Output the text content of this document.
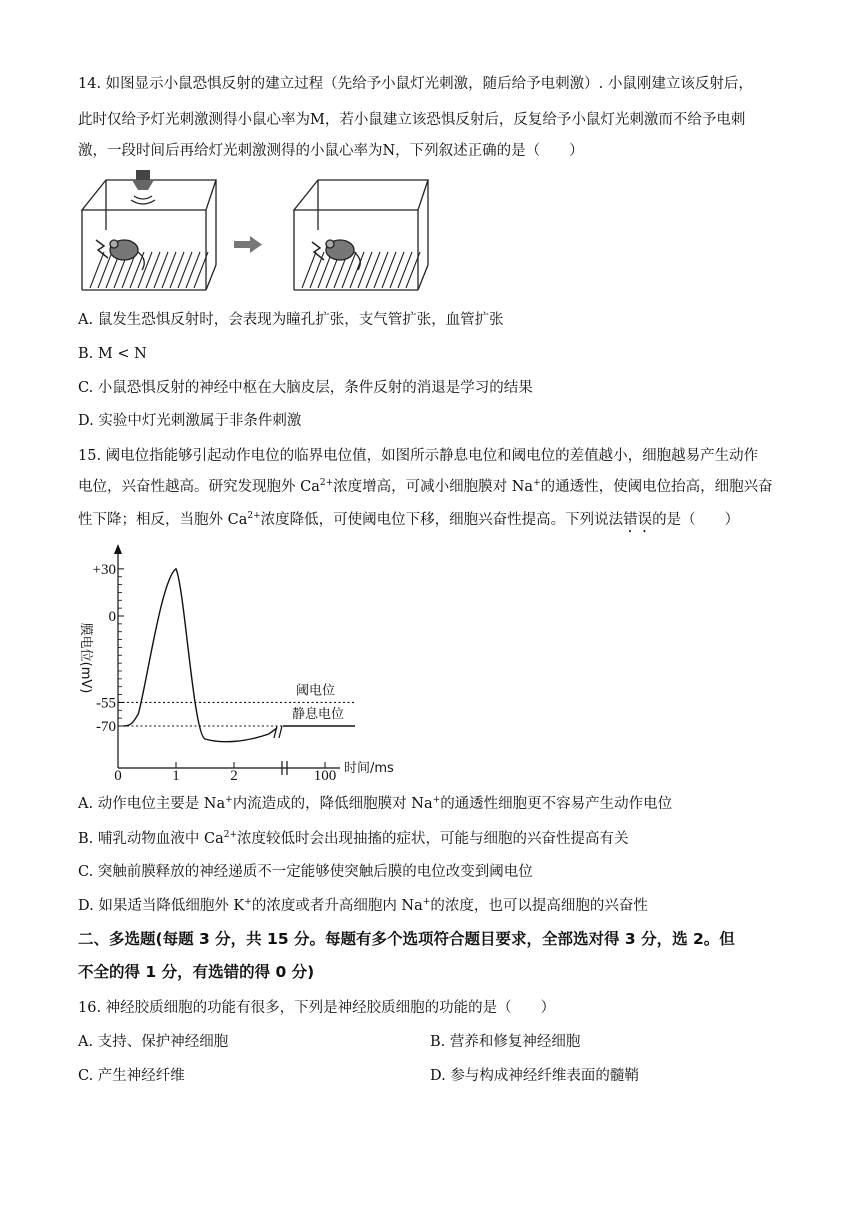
14. 如图显示小鼠恐惧反射的建立过程（先给予小鼠灯光刺激，随后给予电刺激）. 小鼠刚建立该反射后，
此时仅给予灯光刺激测得小鼠心率为M，若小鼠建立该恐惧反射后，反复给予小鼠灯光刺激而不给予电刺
激，一段时间后再给灯光刺激测得的小鼠心率为N，下列叙述正确的是（　　）
A. 鼠发生恐惧反射时，会表现为瞳孔扩张，支气管扩张，血管扩张
B. M < N
C. 小鼠恐惧反射的神经中枢在大脑皮层，条件反射的消退是学习的结果
D. 实验中灯光刺激属于非条件刺激
15. 阈电位指能够引起动作电位的临界电位值，如图所示静息电位和阈电位的差值越小，细胞越易产生动作
电位，兴奋性越高。研究发现胞外 $Ca^{2+}$浓度增高，可减小细胞膜对 Na+的通透性，使阈电位抬高，细胞兴奋
性下降；相反，当胞外 $Ca^{2+}$浓度降低，可使阈电位下移，细胞兴奋性提高。下列说法错误的是（　　）
+30
0
-55
-70
0	1	2	100
阈电位
静息电位
时间/ms
膜电位(mV)
A. 动作电位主要是 Na+内流造成的，降低细胞膜对 Na+的通透性细胞更不容易产生动作电位
B. 哺乳动物血液中 $Ca^{2+}$浓度较低时会出现抽搐的症状，可能与细胞的兴奋性提高有关
C. 突触前膜释放的神经递质不一定能够使突触后膜的电位改变到阈电位
D. 如果适当降低细胞外 K+的浓度或者升高细胞内 Na+的浓度，也可以提高细胞的兴奋性
二、多选题(每题 3 分，共 15 分。每题有多个选项符合题目要求，全部选对得 3 分，选 2。但
不全的得 1 分，有选错的得 0 分)
16. 神经胶质细胞的功能有很多，下列是神经胶质细胞的功能的是（　　）
A. 支持、保护神经细胞	B. 营养和修复神经细胞
C. 产生神经纤维	D. 参与构成神经纤维表面的髓鞘
